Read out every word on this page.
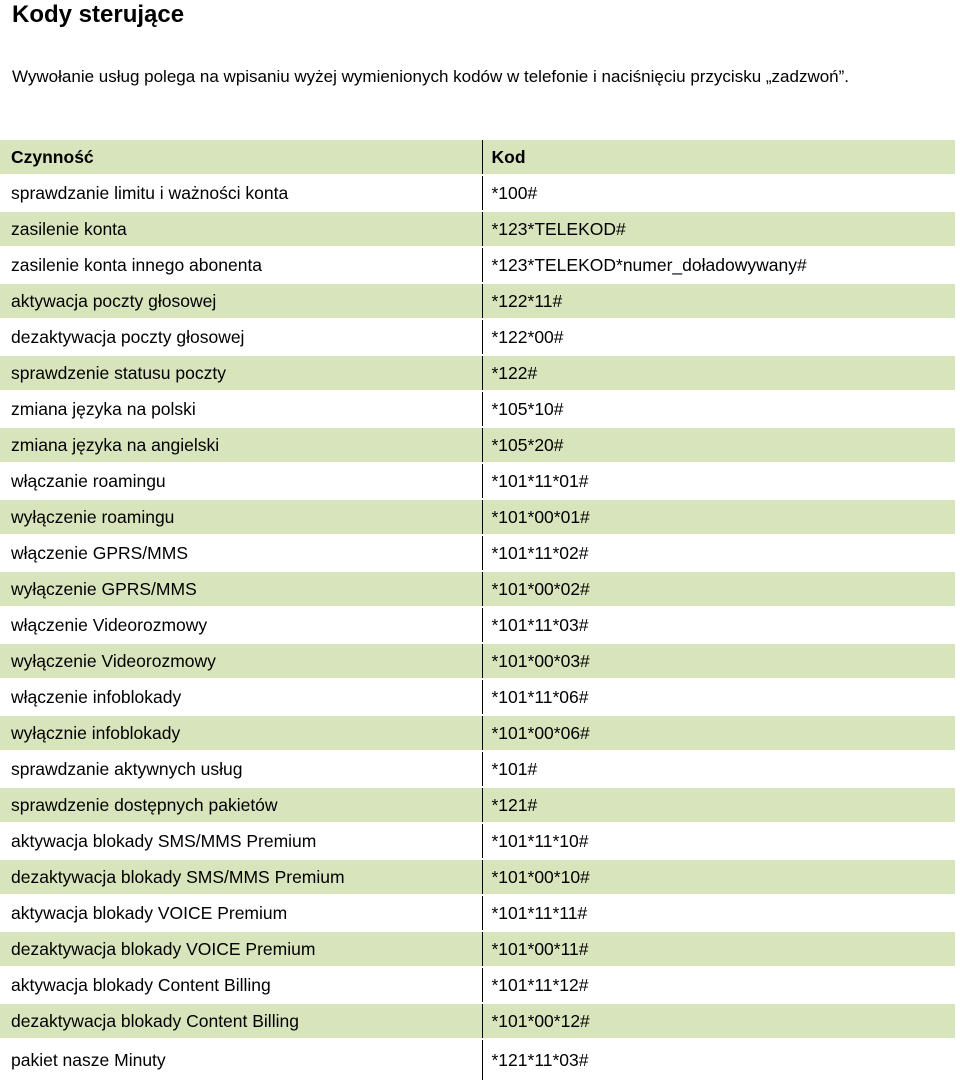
Kody sterujące

Wywołanie usług polega na wpisaniu wyżej wymienionych kodów w telefonie i naciśnięciu przycisku „zadzwoń”.

Czynność	Kod
sprawdzanie limitu i ważności konta	*100#
zasilenie konta	*123*TELEKOD#
zasilenie konta innego abonenta	*123*TELEKOD*numer_doładowywany#
aktywacja poczty głosowej	*122*11#
dezaktywacja poczty głosowej	*122*00#
sprawdzenie statusu poczty	*122#
zmiana języka na polski	*105*10#
zmiana języka na angielski	*105*20#
włączanie roamingu	*101*11*01#
wyłączenie roamingu	*101*00*01#
włączenie GPRS/MMS	*101*11*02#
wyłączenie GPRS/MMS	*101*00*02#
włączenie Videorozmowy	*101*11*03#
wyłączenie Videorozmowy	*101*00*03#
włączenie infoblokady	*101*11*06#
wyłącznie infoblokady	*101*00*06#
sprawdzanie aktywnych usług	*101#
sprawdzenie dostępnych pakietów	*121#
aktywacja blokady SMS/MMS Premium	*101*11*10#
dezaktywacja blokady SMS/MMS Premium	*101*00*10#
aktywacja blokady VOICE Premium	*101*11*11#
dezaktywacja blokady VOICE Premium	*101*00*11#
aktywacja blokady Content Billing	*101*11*12#
dezaktywacja blokady Content Billing	*101*00*12#
pakiet nasze Minuty	*121*11*03#
